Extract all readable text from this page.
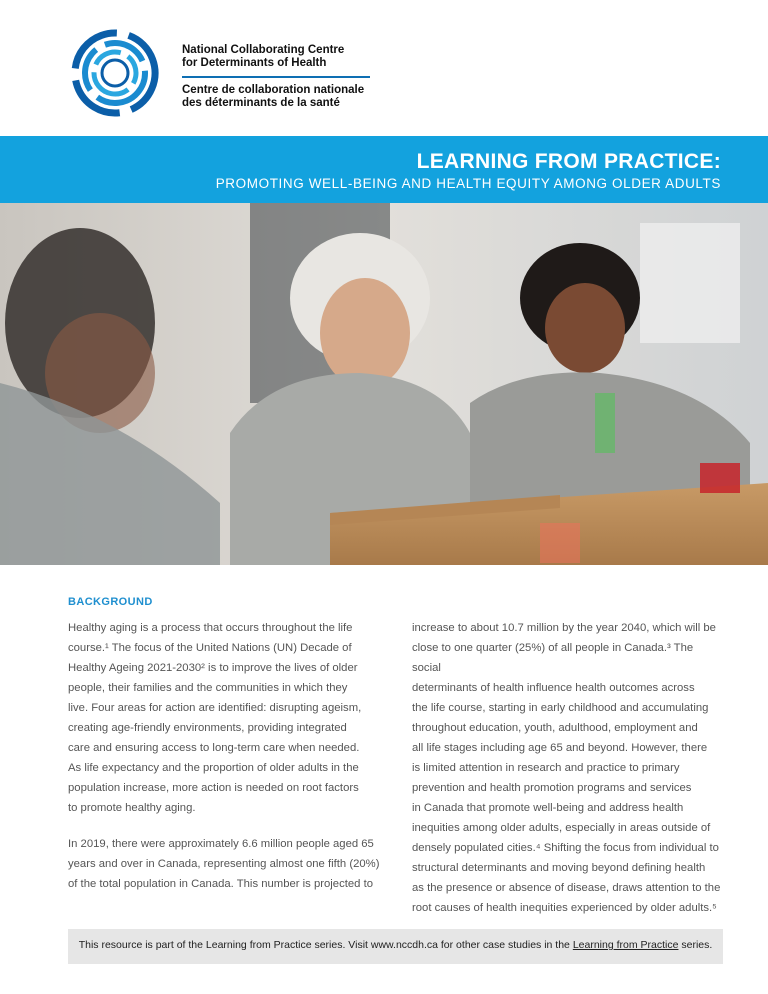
National Collaborating Centre
for Determinants of Health
Centre de collaboration nationale
des déterminants de la santé
LEARNING FROM PRACTICE:
PROMOTING WELL-BEING AND HEALTH EQUITY AMONG OLDER ADULTS
BACKGROUND

Healthy aging is a process that occurs throughout the life
course.¹ The focus of the United Nations (UN) Decade of
Healthy Ageing 2021-2030² is to improve the lives of older
people, their families and the communities in which they
live. Four areas for action are identified: disrupting ageism,
creating age-friendly environments, providing integrated
care and ensuring access to long-term care when needed.
As life expectancy and the proportion of older adults in the
population increase, more action is needed on root factors
to promote healthy aging.

In 2019, there were approximately 6.6 million people aged 65
years and over in Canada, representing almost one fifth (20%)
of the total population in Canada. This number is projected to

increase to about 10.7 million by the year 2040, which will be
close to one quarter (25%) of all people in Canada.³ The social
determinants of health influence health outcomes across
the life course, starting in early childhood and accumulating
throughout education, youth, adulthood, employment and
all life stages including age 65 and beyond. However, there
is limited attention in research and practice to primary
prevention and health promotion programs and services
in Canada that promote well-being and address health
inequities among older adults, especially in areas outside of
densely populated cities.⁴ Shifting the focus from individual to
structural determinants and moving beyond defining health
as the presence or absence of disease, draws attention to the
root causes of health inequities experienced by older adults.⁵

This resource is part of the Learning from Practice series. Visit www.nccdh.ca for other case studies in the Learning from Practice series.
